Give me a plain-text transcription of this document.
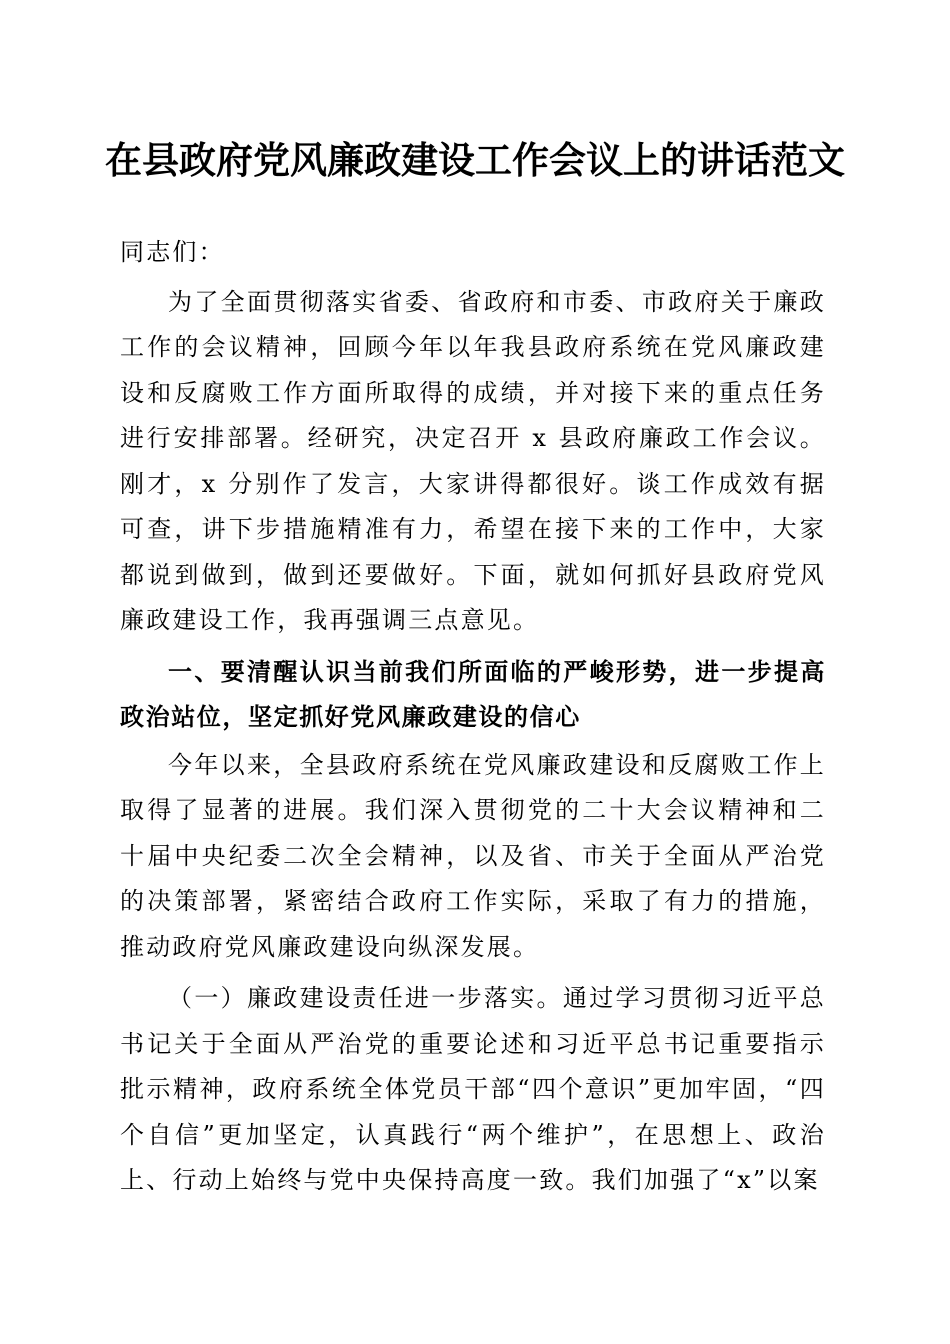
在县政府党风廉政建设工作会议上的讲话范文

同志们：

为了全面贯彻落实省委、省政府和市委、市政府关于廉政工作的会议精神，回顾今年以年我县政府系统在党风廉政建设和反腐败工作方面所取得的成绩，并对接下来的重点任务进行安排部署。经研究，决定召开 x 县政府廉政工作会议。刚才，x 分别作了发言，大家讲得都很好。谈工作成效有据可查，讲下步措施精准有力，希望在接下来的工作中，大家都说到做到，做到还要做好。下面，就如何抓好县政府党风廉政建设工作，我再强调三点意见。

一、要清醒认识当前我们所面临的严峻形势，进一步提高政治站位，坚定抓好党风廉政建设的信心

今年以来，全县政府系统在党风廉政建设和反腐败工作上取得了显著的进展。我们深入贯彻党的二十大会议精神和二十届中央纪委二次全会精神，以及省、市关于全面从严治党的决策部署，紧密结合政府工作实际，采取了有力的措施，推动政府党风廉政建设向纵深发展。

（一）廉政建设责任进一步落实。通过学习贯彻习近平总书记关于全面从严治党的重要论述和习近平总书记重要指示批示精神，政府系统全体党员干部“四个意识”更加牢固，“四个自信”更加坚定，认真践行“两个维护”，在思想上、政治上、行动上始终与党中央保持高度一致。我们加强了“x”以案
